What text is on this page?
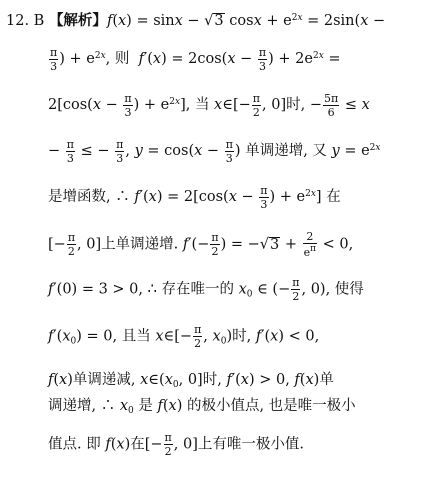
12. B 【解析】f(x) = sinx − √3 $\cos x + e^{2x} = 2\sin(x$ −
$\frac{\pi}{3}$ ) + $e^{2x}$, 则  $f'(x) = 2\cos(x - \frac{\pi}{3}$ ) + $2e^{2x}$ =
$2[\cos(x - \frac{\pi}{3}$ ) + $e^{2x}$], 当 x∈[− $\frac{\pi}{2}$ , 0]时, − $\frac{5\pi}{6} \le x$
− $\frac{\pi}{3}$ ≤ − $\frac{\pi}{3}$ , $y = \cos(x - \frac{\pi}{3}$ ) 单调递增, 又 $y = e^{2x}$
是增函数, ∴ $f'(x) = 2[\cos(x - \frac{\pi}{3}$ ) + $e^{2x}$] 在
[− $\frac{\pi}{2}$ , 0]上单调递增. $f'(- \frac{\pi}{2}$ ) = $-√3 + \frac{2}{e^\pi} < 0$,
f′(0) = 3 > 0, ∴ 存在唯一的 $x_0$ ∈ (− $\frac{\pi}{2}$ , 0), 使得
$f'(x_0) = 0$, 且当 x∈[− $\frac{\pi}{2}$ , $x_0$)时, f′(x) < 0,
f(x)单调递减, $x\in(x_0$, 0]时, f′(x) > 0, f(x)单
调递增, ∴ $x_0$ 是 f(x) 的极小值点, 也是唯一极小
值点. 即 f(x)在[− $\frac{\pi}{2}$ , 0]上有唯一极小值.
